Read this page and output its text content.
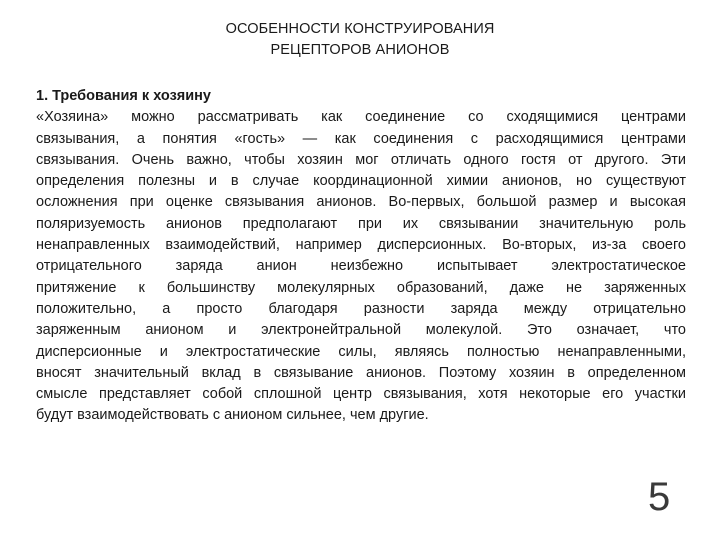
ОСОБЕННОСТИ КОНСТРУИРОВАНИЯ
РЕЦЕПТОРОВ АНИОНОВ
1. Требования к хозяину
«Хозяина» можно рассматривать как соединение со сходящимися центрами
связывания, а понятия «гость» — как соединения с расходящимися центрами
связывания. Очень важно, чтобы хозяин мог отличать одного гостя от другого. Эти
определения полезны и в случае координационной химии анионов, но существуют
осложнения при оценке связывания анионов. Во-первых, большой размер и высокая
поляризуемость анионов предполагают при их связывании значительную роль
ненаправленных взаимодействий, например дисперсионных. Во-вторых, из-за своего
отрицательного заряда анион неизбежно испытывает электростатическое
притяжение к большинству молекулярных образований, даже не заряженных
положительно, а просто благодаря разности заряда между отрицательно
заряженным анионом и электронейтральной молекулой. Это означает, что
дисперсионные и электростатические силы, являясь полностью ненаправленными,
вносят значительный вклад в связывание анионов. Поэтому хозяин в определенном
смысле представляет собой сплошной центр связывания, хотя некоторые его участки
будут взаимодействовать с анионом сильнее, чем другие.
5
